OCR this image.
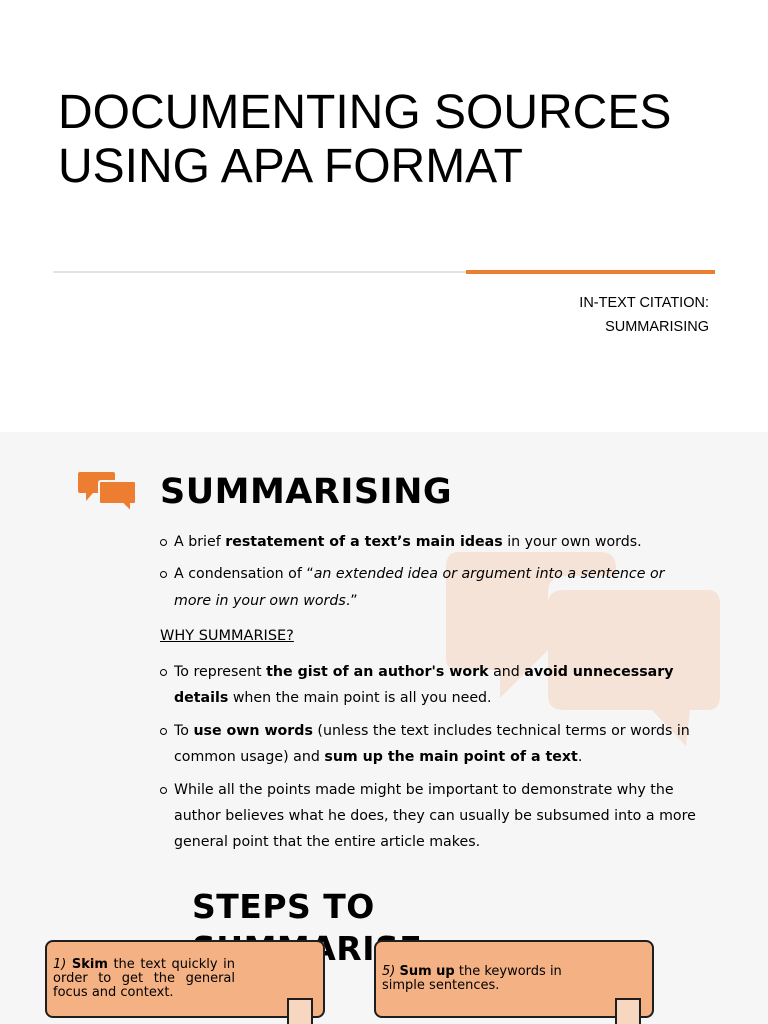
DOCUMENTING SOURCES
USING APA FORMAT
IN-TEXT CITATION:
SUMMARISING
SUMMARISING
A brief restatement of a text’s main ideas in your own words.
A condensation of “an extended idea or argument into a sentence or more in your own words.”
WHY SUMMARISE?
To represent the gist of an author's work and avoid unnecessary details when the main point is all you need.
To use own words (unless the text includes technical terms or words in common usage) and sum up the main point of a text.
While all the points made might be important to demonstrate why the author believes what he does, they can usually be subsumed into a more general point that the entire article makes.
STEPS TO
1) Skim the text quickly in order to get the general focus and context.
5) Sum up the keywords in simple sentences.
